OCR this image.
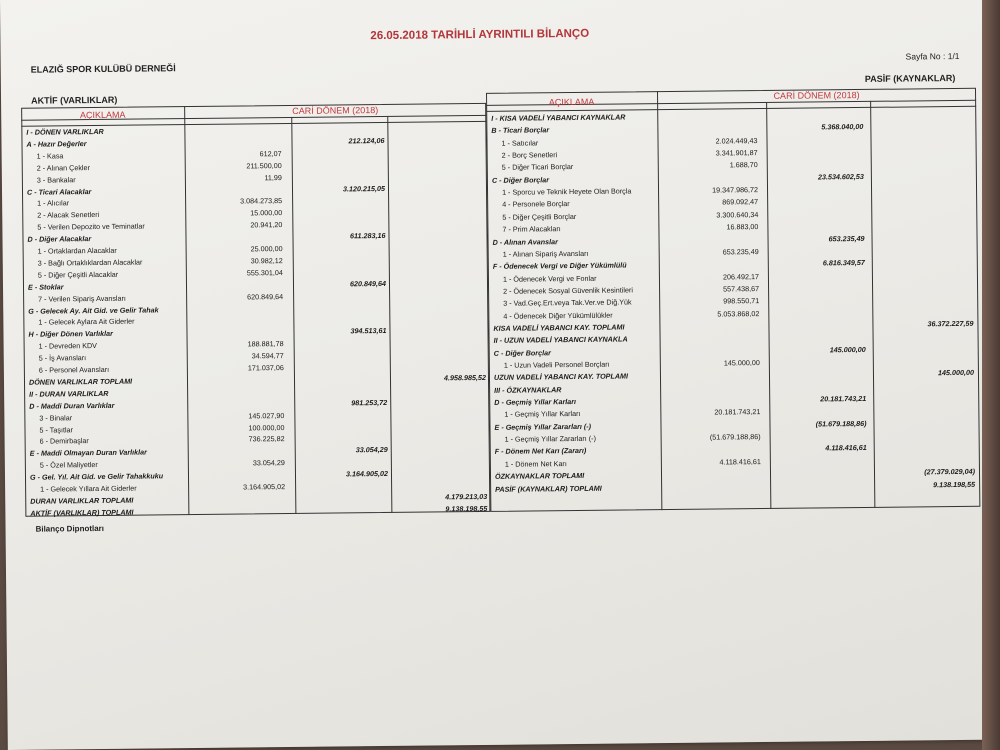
26.05.2018 TARİHLİ AYRINTILI BİLANÇO
ELAZIĞ SPOR KULÜBÜ DERNEĞİ
Sayfa No : 1/1
PASİF (KAYNAKLAR)
AKTİF (VARLIKLAR)
AÇIKLAMA	CARİ DÖNEM (2018)
AÇIKLAMA
CARİ DÖNEM (2018)
I - DÖNEN VARLIKLAR
A - Hazır Değerler	212.124,06
1 - Kasa	612,07
2 - Alınan Çekler	211.500,00
3 - Bankalar	11,99
C - Ticari Alacaklar	3.120.215,05
1 - Alıcılar	3.084.273,85
2 - Alacak Senetleri	15.000,00
5 - Verilen Depozito ve Teminatlar	20.941,20
D - Diğer Alacaklar	611.283,16
1 - Ortaklardan Alacaklar	25.000,00
3 - Bağlı Ortaklıklardan Alacaklar	30.982,12
5 - Diğer Çeşitli Alacaklar	555.301,04
E - Stoklar	620.849,64
7 - Verilen Sipariş Avansları	620.849,64
G - Gelecek Ay. Ait Gid. ve Gelir Tahak
1 - Gelecek Aylara Ait Giderler
H - Diğer Dönen Varlıklar	394.513,61
1 - Devreden KDV	188.881,78
5 - İş Avansları	34.594,77
6 - Personel Avansları	171.037,06
DÖNEN VARLIKLAR TOPLAMI	4.958.985,52
II - DURAN VARLIKLAR
D - Maddi Duran Varlıklar	981.253,72
3 - Binalar	145.027,90
5 - Taşıtlar	100.000,00
6 - Demirbaşlar	736.225,82
E - Maddi Olmayan Duran Varlıklar	33.054,29
5 - Özel Maliyetler	33.054,29
G - Gel. Yıl. Ait Gid. ve Gelir Tahakkuku	3.164.905,02
1 - Gelecek Yıllara Ait Giderler	3.164.905,02
DURAN VARLIKLAR TOPLAMI	4.179.213,03
AKTİF (VARLIKLAR) TOPLAMI	9.138.198,55
I - KISA VADELİ YABANCI KAYNAKLAR
B - Ticari Borçlar	5.368.040,00
1 - Satıcılar	2.024.449,43
2 - Borç Senetleri	3.341.901,87
5 - Diğer Ticari Borçlar	1.688,70
C - Diğer Borçlar	23.534.602,53
1 - Sporcu ve Teknik Heyete Olan Borçla	19.347.986,72
4 - Personele Borçlar	869.092,47
5 - Diğer Çeşitli Borçlar	3.300.640,34
7 - Prim Alacakları	16.883,00
D - Alınan Avanslar	653.235,49
1 - Alınan Sipariş Avansları	653.235,49
F - Ödenecek Vergi ve Diğer Yükümlülü	6.816.349,57
1 - Ödenecek Vergi ve Fonlar	206.492,17
2 - Ödenecek Sosyal Güvenlik Kesintileri	557.438,67
3 - Vad.Geç.Ert.veya Tak.Ver.ve Diğ.Yük	998.550,71
4 - Ödenecek Diğer Yükümlülükler	5.053.868,02
KISA VADELİ YABANCI KAY. TOPLAMI	36.372.227,59
II - UZUN VADELİ YABANCI KAYNAKLA
C - Diğer Borçlar	145.000,00
1 - Uzun Vadeli Personel Borçları	145.000,00
UZUN VADELİ YABANCI KAY. TOPLAMI	145.000,00
III - ÖZKAYNAKLAR
D - Geçmiş Yıllar Karları	20.181.743,21
1 - Geçmiş Yıllar Karları	20.181.743,21
E - Geçmiş Yıllar Zararları (-)	(51.679.188,86)
1 - Geçmiş Yıllar Zararları (-)	(51.679.188,86)
F - Dönem Net Karı (Zararı)	4.118.416,61
1 - Dönem Net Karı	4.118.416,61
ÖZKAYNAKLAR TOPLAMI	(27.379.029,04)
PASİF (KAYNAKLAR) TOPLAMI	9.138.198,55
Bilanço Dipnotları
